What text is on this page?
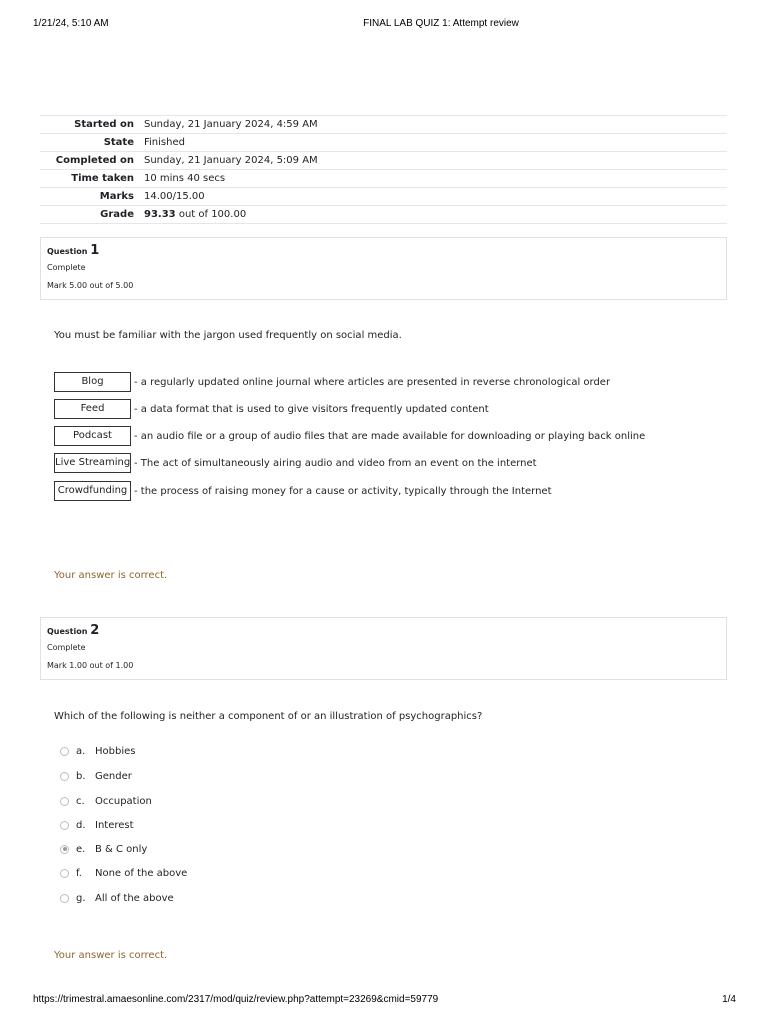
1/21/24, 5:10 AM	FINAL LAB QUIZ 1: Attempt review
Started on	Sunday, 21 January 2024, 4:59 AM
State	Finished
Completed on	Sunday, 21 January 2024, 5:09 AM
Time taken	10 mins 40 secs
Marks	14.00/15.00
Grade	93.33 out of 100.00
Question 1
Complete
Mark 5.00 out of 5.00
You must be familiar with the jargon used frequently on social media.
Blog	- a regularly updated online journal where articles are presented in reverse chronological order
Feed	- a data format that is used to give visitors frequently updated content
Podcast	- an audio file or a group of audio files that are made available for downloading or playing back online
Live Streaming - The act of simultaneously airing audio and video from an event on the internet
Crowdfunding - the process of raising money for a cause or activity, typically through the Internet
Your answer is correct.
Question 2
Complete
Mark 1.00 out of 1.00
Which of the following is neither a component of or an illustration of psychographics?
a. Hobbies
b. Gender
c.	Occupation
d. Interest
e. B & C only
f.	None of the above
g. All of the above
Your answer is correct.
https://trimestral.amaesonline.com/2317/mod/quiz/review.php?attempt=23269&cmid=59779	1/4
